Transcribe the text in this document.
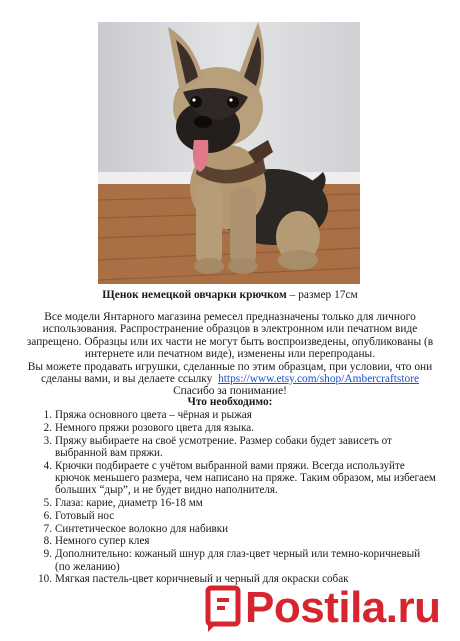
Щенок немецкой овчарки крючком – размер 17см

Все модели Янтарного магазина ремесел предназначены только для личного использования. Распространение образцов в электронном или печатном виде запрещено. Образцы или их части не могут быть воспроизведены, опубликованы (в интернете или печатном виде), изменены или перепроданы.

Вы можете продавать игрушки, сделанные по этим образцам, при условии, что они сделаны вами, и вы делаете ссылку https://www.etsy.com/shop/Ambercraftstore

Спасибо за понимание!

Что необходимо:
1. Пряжа основного цвета – чёрная и рыжая
2. Немного пряжи розового цвета для языка.
3. Пряжу выбираете на своё усмотрение. Размер собаки будет зависеть от выбранной вам пряжи.
4. Крючки подбираете с учётом выбранной вами пряжи. Всегда используйте крючок меньшего размера, чем написано на пряже. Таким образом, мы избегаем больших “дыр”, и не будет видно наполнителя.
5. Глаза: карие, диаметр 16-18 мм
6. Готовый нос
7. Синтетическое волокно для набивки
8. Немного супер клея
9. Дополнительно: кожаный шнур для глаз-цвет черный или темно-коричневый (по желанию)
10. Мягкая пастель-цвет коричневый и черный для окраски собак
Postila.ru
